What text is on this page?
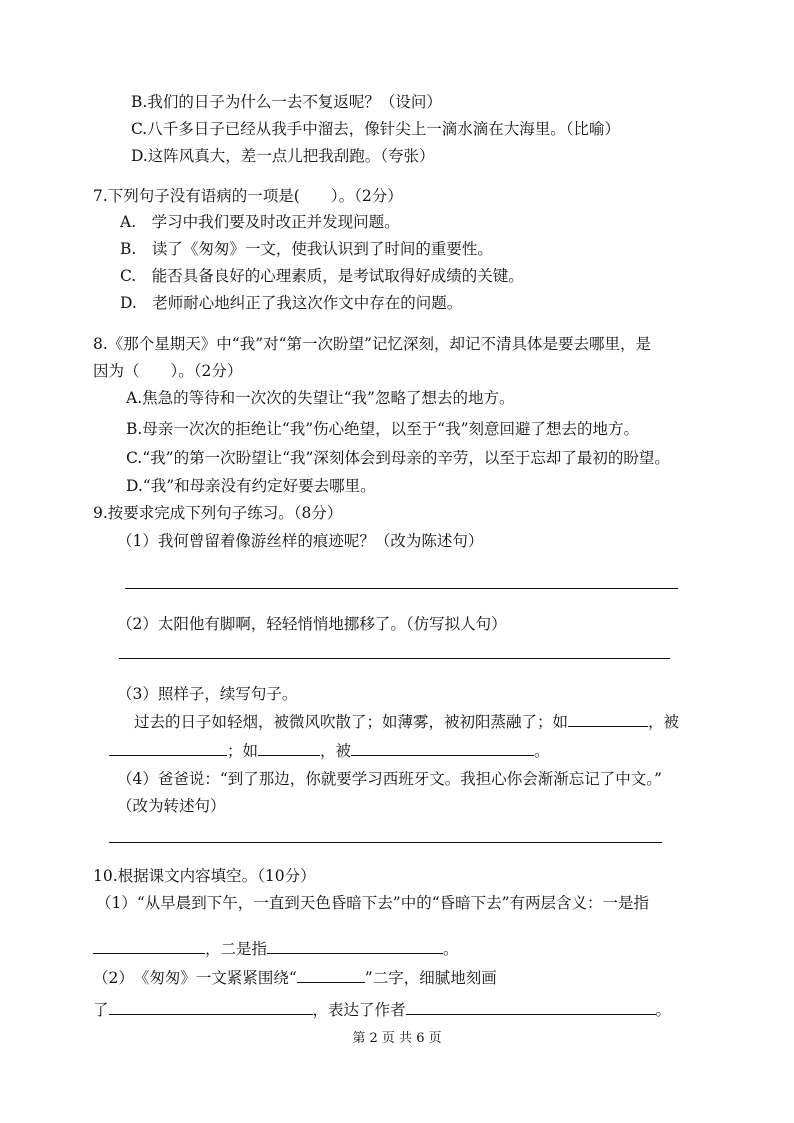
B.我们的日子为什么一去不复返呢？（设问）
C.八千多日子已经从我手中溜去，像针尖上一滴水滴在大海里。（比喻）
D.这阵风真大，差一点儿把我刮跑。（夸张）
7.下列句子没有语病的一项是(　　）。（2分）
A.　学习中我们要及时改正并发现问题。
B.　读了《匆匆》一文，使我认识到了时间的重要性。
C.　能否具备良好的心理素质，是考试取得好成绩的关键。
D.　老师耐心地纠正了我这次作文中存在的问题。
8.《那个星期天》中“我”对“第一次盼望”记忆深刻，却记不清具体是要去哪里，是
因为（　　）。（2分）
A.焦急的等待和一次次的失望让“我”忽略了想去的地方。
B.母亲一次次的拒绝让“我”伤心绝望，以至于“我”刻意回避了想去的地方。
C.“我”的第一次盼望让“我”深刻体会到母亲的辛劳，以至于忘却了最初的盼望。
D.“我”和母亲没有约定好要去哪里。
9.按要求完成下列句子练习。（8分）
（1）我何曾留着像游丝样的痕迹呢？（改为陈述句）
（2）太阳他有脚啊，轻轻悄悄地挪移了。（仿写拟人句）
（3）照样子，续写句子。
过去的日子如轻烟，被微风吹散了；如薄雾，被初阳蒸融了；如	，被
；如	，被	。
（4）爸爸说：“到了那边，你就要学习西班牙文。我担心你会渐渐忘记了中文。”
（改为转述句）
10.根据课文内容填空。（10分）
（1）“从早晨到下午，一直到天色昏暗下去”中的“昏暗下去”有两层含义：一是指
，二是指	。
（2）　《匆匆》一文紧紧围绕“	”二字，细腻地刻画
了	，表达了作者	。
第 2 页 共 6 页
